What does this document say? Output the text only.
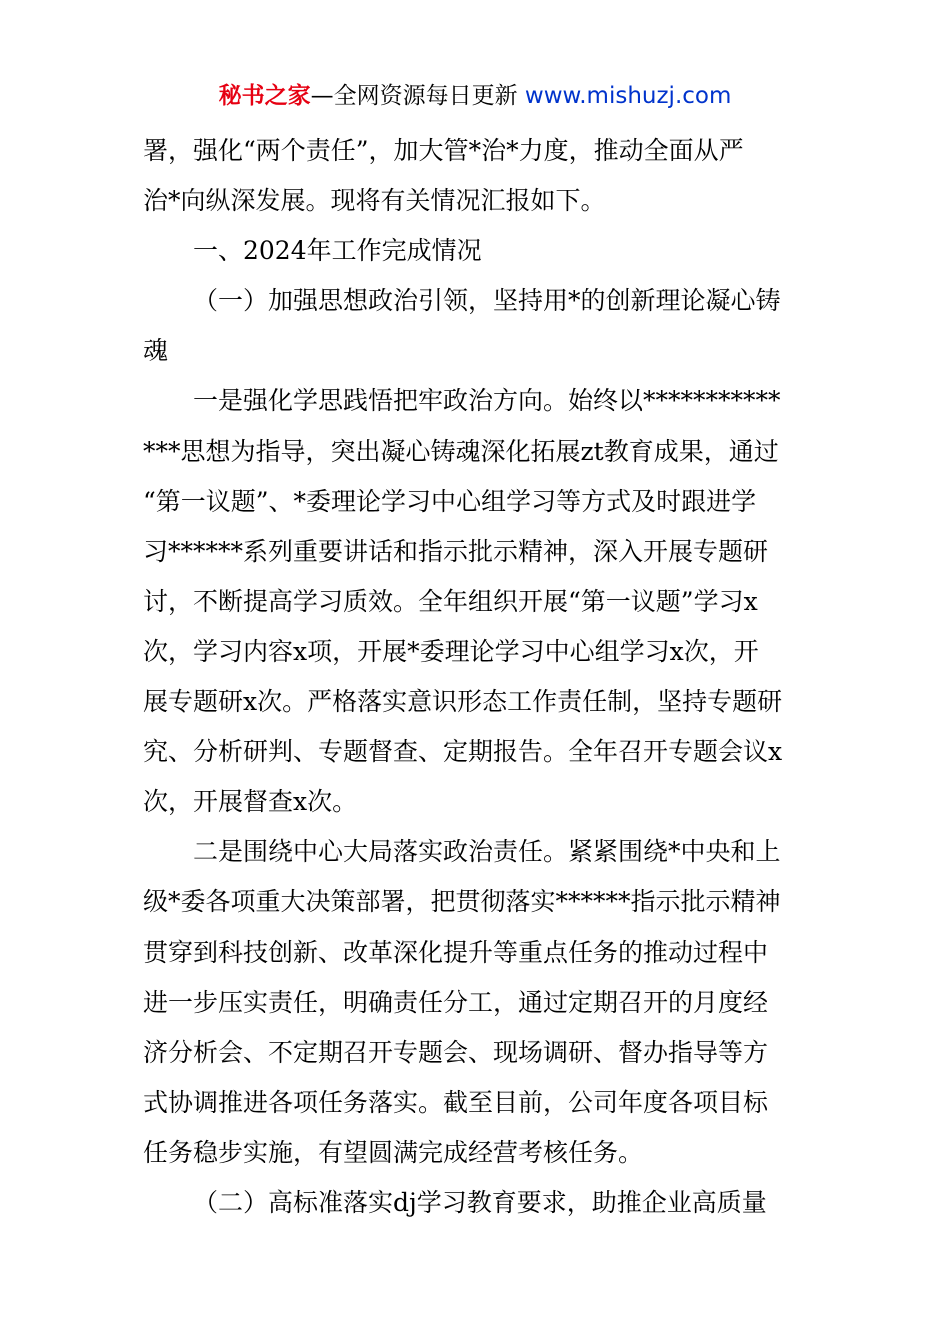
秘书之家—全网资源每日更新 www.mishuzj.com
署，强化“两个责任”，加大管*治*力度，推动全面从严
治*向纵深发展。现将有关情况汇报如下。
一、2024年工作完成情况
（一）加强思想政治引领，坚持用*的创新理论凝心铸
魂
一是强化学思践悟把牢政治方向。始终以***********
***思想为指导，突出凝心铸魂深化拓展zt教育成果，通过
“第一议题”、*委理论学习中心组学习等方式及时跟进学
习******系列重要讲话和指示批示精神，深入开展专题研
讨，不断提高学习质效。全年组织开展“第一议题”学习x
次，学习内容x项，开展*委理论学习中心组学习x次，开
展专题研x次。严格落实意识形态工作责任制，坚持专题研
究、分析研判、专题督查、定期报告。全年召开专题会议x
次，开展督查x次。
二是围绕中心大局落实政治责任。紧紧围绕*中央和上
级*委各项重大决策部署，把贯彻落实******指示批示精神
贯穿到科技创新、改革深化提升等重点任务的推动过程中
进一步压实责任，明确责任分工，通过定期召开的月度经
济分析会、不定期召开专题会、现场调研、督办指导等方
式协调推进各项任务落实。截至目前，公司年度各项目标
任务稳步实施，有望圆满完成经营考核任务。
（二）高标准落实dj学习教育要求，助推企业高质量
